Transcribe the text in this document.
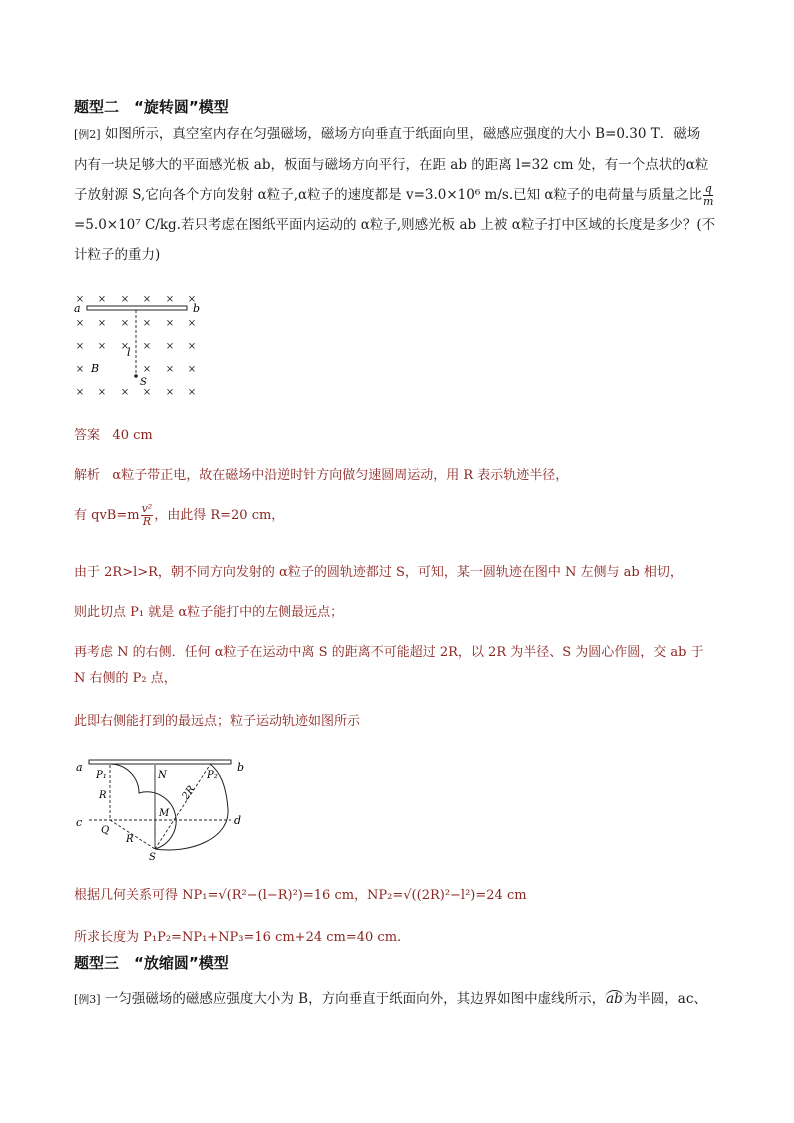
题型二　“旋转圆”模型
[例2] 如图所示，真空室内存在匀强磁场，磁场方向垂直于纸面向里，磁感应强度的大小 B=0.30 T．磁场
内有一块足够大的平面感光板 ab，板面与磁场方向平行，在距 ab 的距离 l=32 cm 处，有一个点状的α粒
子放射源 S,它向各个方向发射 α粒子,α粒子的速度都是 v=3.0×10⁶ m/s.已知 α粒子的电荷量与质量之比 $\frac{q}{m}$
=5.0×10⁷ C/kg.若只考虑在图纸平面内运动的 α粒子,则感光板 ab 上被 α粒子打中区域的长度是多少？(不
计粒子的重力)
× × × × × ×
× × × × × ×
× × × × × ×
×	× × ×
× × × × × ×
a	b
l
B
S
答案 40 cm
解析 α粒子带正电，故在磁场中沿逆时针方向做匀速圆周运动，用 R 表示轨迹半径，
有 $qvB=m \frac{\text{v²}}{R}$ ，由此得 R=20 cm，
由于 2R>l>R，朝不同方向发射的 α粒子的圆轨迹都过 S，可知，某一圆轨迹在图中 N 左侧与 ab 相切，
则此切点 P₁ 就是 α粒子能打中的左侧最远点；
再考虑 N 的右侧．任何 α粒子在运动中离 S 的距离不可能超过 2R，以 2R 为半径、S 为圆心作圆，交 ab 于
N 右侧的 P₂ 点，
此即右侧能打到的最远点；粒子运动轨迹如图所示
a	b
c	d
P₁	P₂
N
R
R
2R
M
Q
S
根据几何关系可得 NP₁=√(R²−(l−R)²)=16 cm，NP₂=√((2R)²−l²)=24 cm
所求长度为 P₁P₂=NP₁+NP₃=16 cm+24 cm=40 cm.
题型三　“放缩圆”模型
[例3] 一匀强磁场的磁感应强度大小为 B，方向垂直于纸面向外，其边界如图中虚线所示，ab为半圆，ac、
